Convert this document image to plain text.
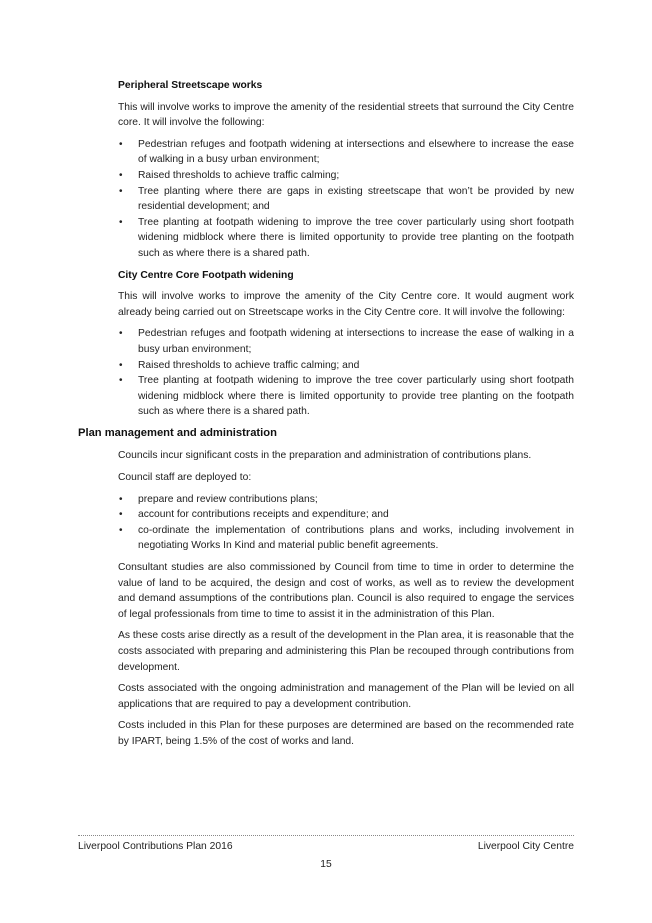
Peripheral Streetscape works

This will involve works to improve the amenity of the residential streets that surround the City Centre core. It will involve the following:

• Pedestrian refuges and footpath widening at intersections and elsewhere to increase the ease of walking in a busy urban environment;
• Raised thresholds to achieve traffic calming;
• Tree planting where there are gaps in existing streetscape that won’t be provided by new residential development; and
• Tree planting at footpath widening to improve the tree cover particularly using short footpath widening midblock where there is limited opportunity to provide tree planting on the footpath such as where there is a shared path.
City Centre Core Footpath widening

This will involve works to improve the amenity of the City Centre core. It would augment work already being carried out on Streetscape works in the City Centre core. It will involve the following:

• Pedestrian refuges and footpath widening at intersections to increase the ease of walking in a busy urban environment;
• Raised thresholds to achieve traffic calming; and
• Tree planting at footpath widening to improve the tree cover particularly using short footpath widening midblock where there is limited opportunity to provide tree planting on the footpath such as where there is a shared path.
Plan management and administration

Councils incur significant costs in the preparation and administration of contributions plans.

Council staff are deployed to:

• prepare and review contributions plans;
• account for contributions receipts and expenditure; and
• co-ordinate the implementation of contributions plans and works, including involvement in negotiating Works In Kind and material public benefit agreements.

Consultant studies are also commissioned by Council from time to time in order to determine the value of land to be acquired, the design and cost of works, as well as to review the development and demand assumptions of the contributions plan. Council is also required to engage the services of legal professionals from time to time to assist it in the administration of this Plan.

As these costs arise directly as a result of the development in the Plan area, it is reasonable that the costs associated with preparing and administering this Plan be recouped through contributions from development.

Costs associated with the ongoing administration and management of the Plan will be levied on all applications that are required to pay a development contribution.

Costs included in this Plan for these purposes are determined are based on the recommended rate by IPART, being 1.5% of the cost of works and land.

Liverpool Contributions Plan 2016	Liverpool City Centre
15
